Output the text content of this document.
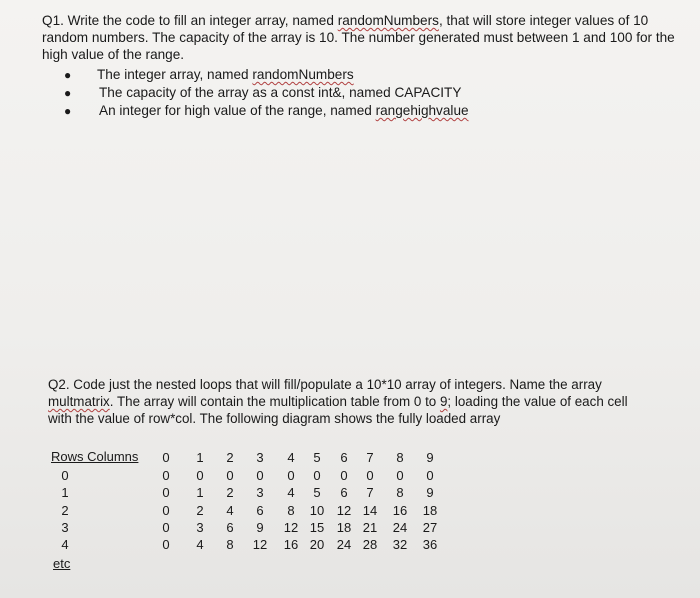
Q1. Write the code to fill an integer array, named randomNumbers, that will store integer values of 10 random numbers. The capacity of the array is 10. The number generated must between 1 and 100 for the high value of the range.

● The integer array, named randomNumbers
● The capacity of the array as a const int&, named CAPACITY
● An integer for high value of the range, named rangehighvalue

Q2. Code just the nested loops that will fill/populate a 10*10 array of integers. Name the array multmatrix. The array will contain the multiplication table from 0 to 9; loading the value of each cell with the value of row*col. The following diagram shows the fully loaded array

Rows Columns	0	1	2	3	4	5	6	7	8	9
0	0	0	0	0	0	0	0	0	0	0
1	0	1	2	3	4	5	6	7	8	9
2	0	2	4	6	8	10 12 14 16 18
3	0	3	6	9	12 15 18 21 24 27
4	0	4	8	12 16 20 24 28 32 36
etc
